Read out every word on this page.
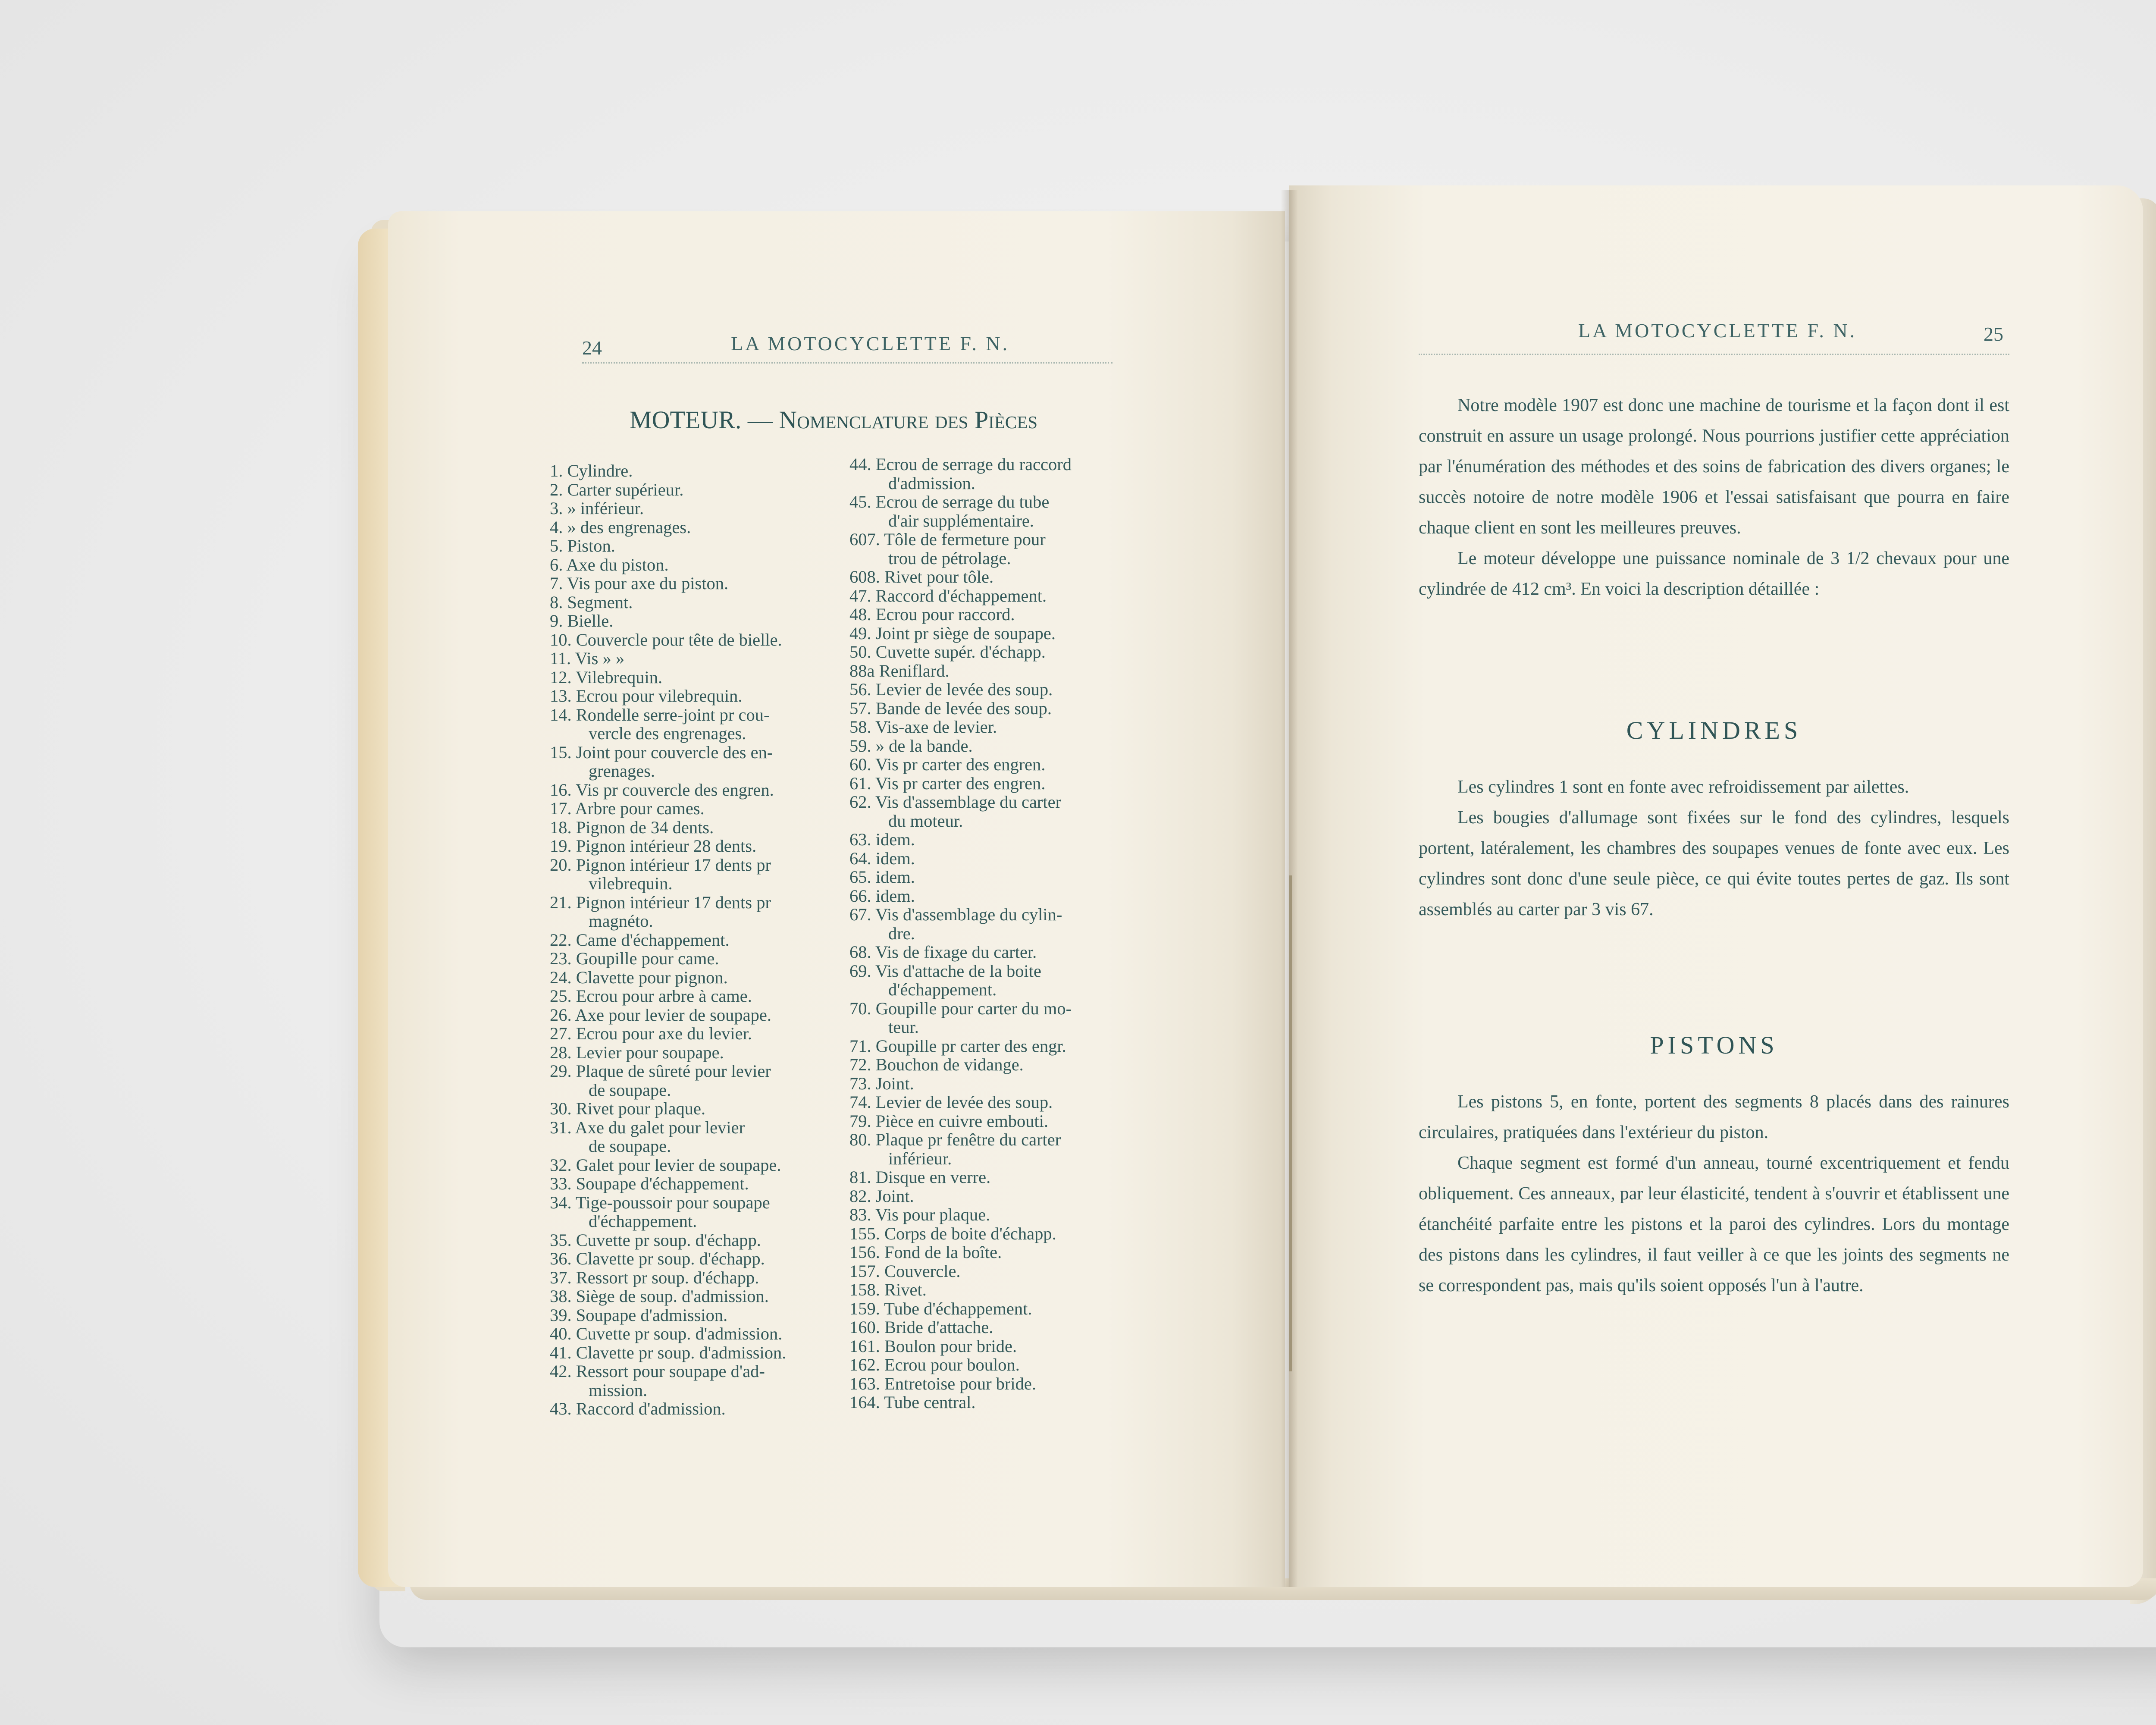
24	LA MOTOCYCLETTE F. N.
MOTEUR. — Nomenclature des Pièces
1. Cylindre.
2. Carter supérieur.
3. » inférieur.
4. » des engrenages.
5. Piston.
6. Axe du piston.
7. Vis pour axe du piston.
8. Segment.
9. Bielle.
10. Couvercle pour tête de bielle.
11. Vis » »
12. Vilebrequin.
13. Ecrou pour vilebrequin.
14. Rondelle serre-joint pr cou-
vercle des engrenages.
15. Joint pour couvercle des en-
grenages.
16. Vis pr couvercle des engren.
17. Arbre pour cames.
18. Pignon de 34 dents.
19. Pignon intérieur 28 dents.
20. Pignon intérieur 17 dents pr
vilebrequin.
21. Pignon intérieur 17 dents pr
magnéto.
22. Came d'échappement.
23. Goupille pour came.
24. Clavette pour pignon.
25. Ecrou pour arbre à came.
26. Axe pour levier de soupape.
27. Ecrou pour axe du levier.
28. Levier pour soupape.
29. Plaque de sûreté pour levier
de soupape.
30. Rivet pour plaque.
31. Axe du galet pour levier
de soupape.
32. Galet pour levier de soupape.
33. Soupape d'échappement.
34. Tige-poussoir pour soupape
d'échappement.
35. Cuvette pr soup. d'échapp.
36. Clavette pr soup. d'échapp.
37. Ressort pr soup. d'échapp.
38. Siège de soup. d'admission.
39. Soupape d'admission.
40. Cuvette pr soup. d'admission.
41. Clavette pr soup. d'admission.
42. Ressort pour soupape d'ad-
mission.
43. Raccord d'admission.
44. Ecrou de serrage du raccord
d'admission.
45. Ecrou de serrage du tube
d'air supplémentaire.
607. Tôle de fermeture pour
trou de pétrolage.
608. Rivet pour tôle.
47. Raccord d'échappement.
48. Ecrou pour raccord.
49. Joint pr siège de soupape.
50. Cuvette supér. d'échapp.
88a Reniflard.
56. Levier de levée des soup.
57. Bande de levée des soup.
58. Vis-axe de levier.
59. » de la bande.
60. Vis pr carter des engren.
61. Vis pr carter des engren.
62. Vis d'assemblage du carter
du moteur.
63. idem.
64. idem.
65. idem.
66. idem.
67. Vis d'assemblage du cylin-
dre.
68. Vis de fixage du carter.
69. Vis d'attache de la boite
d'échappement.
70. Goupille pour carter du mo-
teur.
71. Goupille pr carter des engr.
72. Bouchon de vidange.
73. Joint.
74. Levier de levée des soup.
79. Pièce en cuivre embouti.
80. Plaque pr fenêtre du carter
inférieur.
81. Disque en verre.
82. Joint.
83. Vis pour plaque.
155. Corps de boite d'échapp.
156. Fond de la boîte.
157. Couvercle.
158. Rivet.
159. Tube d'échappement.
160. Bride d'attache.
161. Boulon pour bride.
162. Ecrou pour boulon.
163. Entretoise pour bride.
164. Tube central.
LA MOTOCYCLETTE F. N.	25

Notre modèle 1907 est donc une machine de tourisme et la façon dont il est construit en assure un usage prolongé. Nous pourrions justifier cette appréciation par l'énumération des méthodes et des soins de fabrication des divers organes; le succès notoire de notre modèle 1906 et l'essai satisfaisant que pourra en faire chaque client en sont les meilleures preuves.

Le moteur développe une puissance nominale de 3 1/2 chevaux pour une cylindrée de 412 cm³. En voici la description détaillée :

CYLINDRES

Les cylindres 1 sont en fonte avec refroidissement par ailettes.

Les bougies d'allumage sont fixées sur le fond des cylindres, lesquels portent, latéralement, les chambres des soupapes venues de fonte avec eux. Les cylindres sont donc d'une seule pièce, ce qui évite toutes pertes de gaz. Ils sont assemblés au carter par 3 vis 67.

PISTONS

Les pistons 5, en fonte, portent des segments 8 placés dans des rainures circulaires, pratiquées dans l'extérieur du piston.

Chaque segment est formé d'un anneau, tourné excentriquement et fendu obliquement. Ces anneaux, par leur élasticité, tendent à s'ouvrir et établissent une étanchéité parfaite entre les pistons et la paroi des cylindres. Lors du montage des pistons dans les cylindres, il faut veiller à ce que les joints des segments ne se correspondent pas, mais qu'ils soient opposés l'un à l'autre.
